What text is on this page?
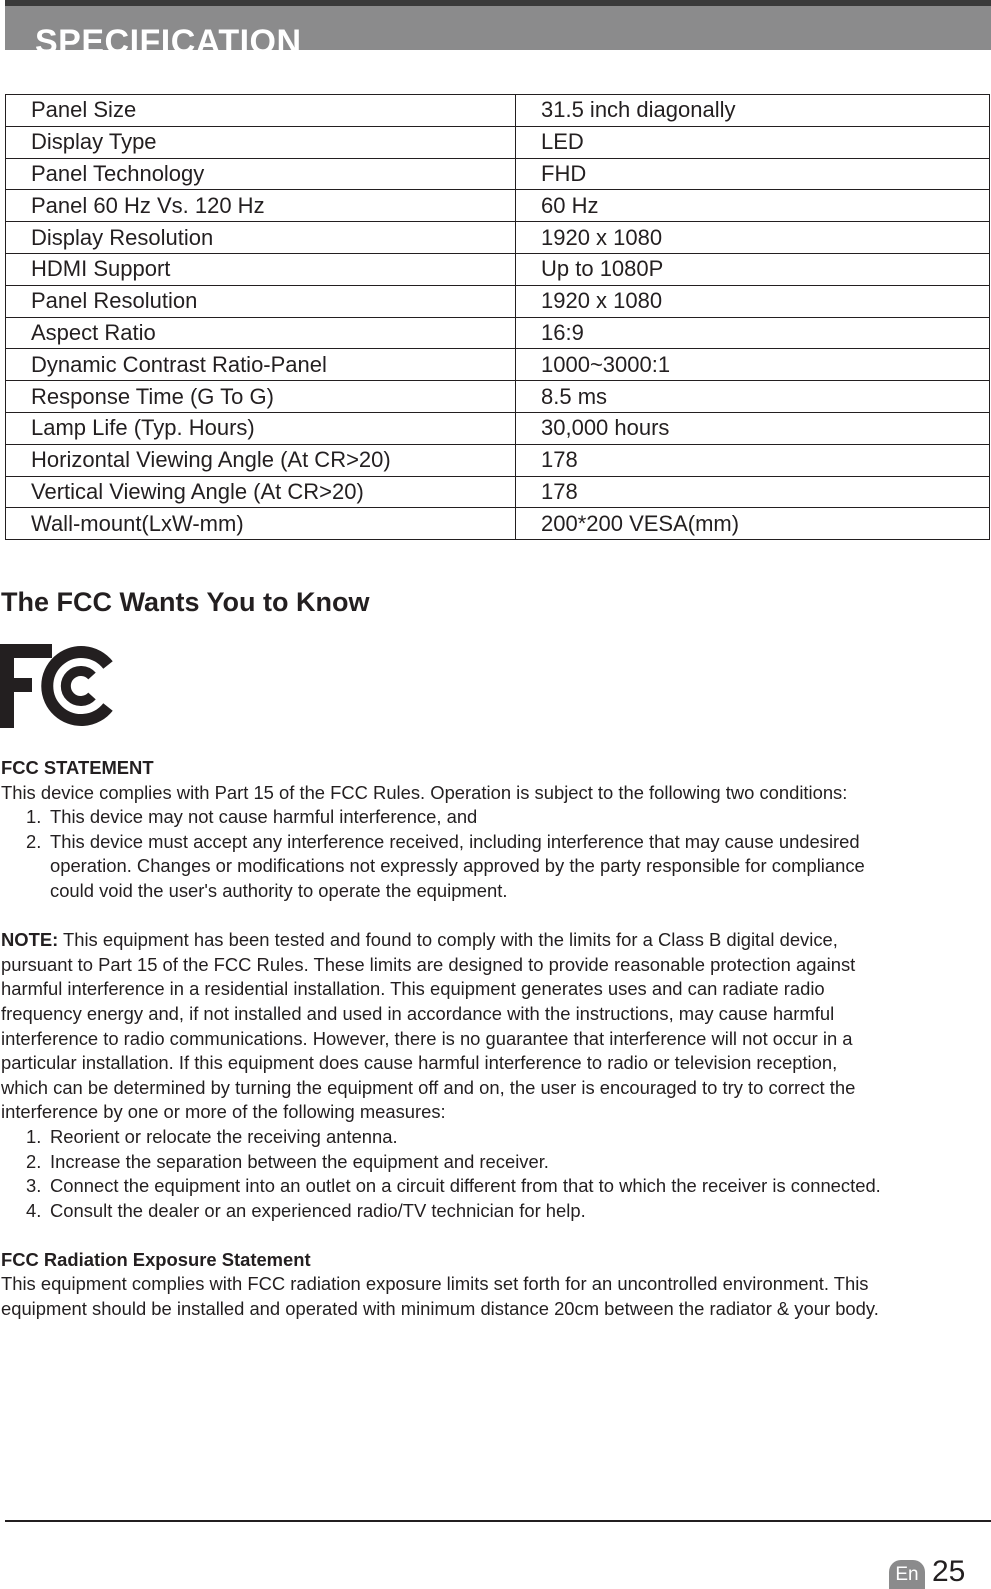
SPECIFICATION
Panel Size	31.5 inch diagonally
Display Type	LED
Panel Technology	FHD
Panel 60 Hz Vs. 120 Hz	60 Hz
Display Resolution	1920 x 1080
HDMI Support	Up to 1080P
Panel Resolution	1920 x 1080
Aspect Ratio	16:9
Dynamic Contrast Ratio-Panel	1000~3000:1
Response Time (G To G)	8.5 ms
Lamp Life (Typ. Hours)	30,000 hours
Horizontal Viewing Angle (At CR>20)	178
Vertical Viewing Angle (At CR>20)	178
Wall-mount(LxW-mm)	200*200 VESA(mm)
The FCC Wants You to Know
FCC STATEMENT
This device complies with Part 15 of the FCC Rules. Operation is subject to the following two conditions:
1. This device may not cause harmful interference, and
2. This device must accept any interference received, including interference that may cause undesired
operation. Changes or modifications not expressly approved by the party responsible for compliance
could void the user's authority to operate the equipment.
NOTE: This equipment has been tested and found to comply with the limits for a Class B digital device,
pursuant to Part 15 of the FCC Rules. These limits are designed to provide reasonable protection against
harmful interference in a residential installation. This equipment generates uses and can radiate radio
frequency energy and, if not installed and used in accordance with the instructions, may cause harmful
interference to radio communications. However, there is no guarantee that interference will not occur in a
particular installation. If this equipment does cause harmful interference to radio or television reception,
which can be determined by turning the equipment off and on, the user is encouraged to try to correct the
interference by one or more of the following measures:
1. Reorient or relocate the receiving antenna.
2. Increase the separation between the equipment and receiver.
3. Connect the equipment into an outlet on a circuit different from that to which the receiver is connected.
4. Consult the dealer or an experienced radio/TV technician for help.
FCC Radiation Exposure Statement
This equipment complies with FCC radiation exposure limits set forth for an uncontrolled environment. This
equipment should be installed and operated with minimum distance 20cm between the radiator & your body.
En 25
